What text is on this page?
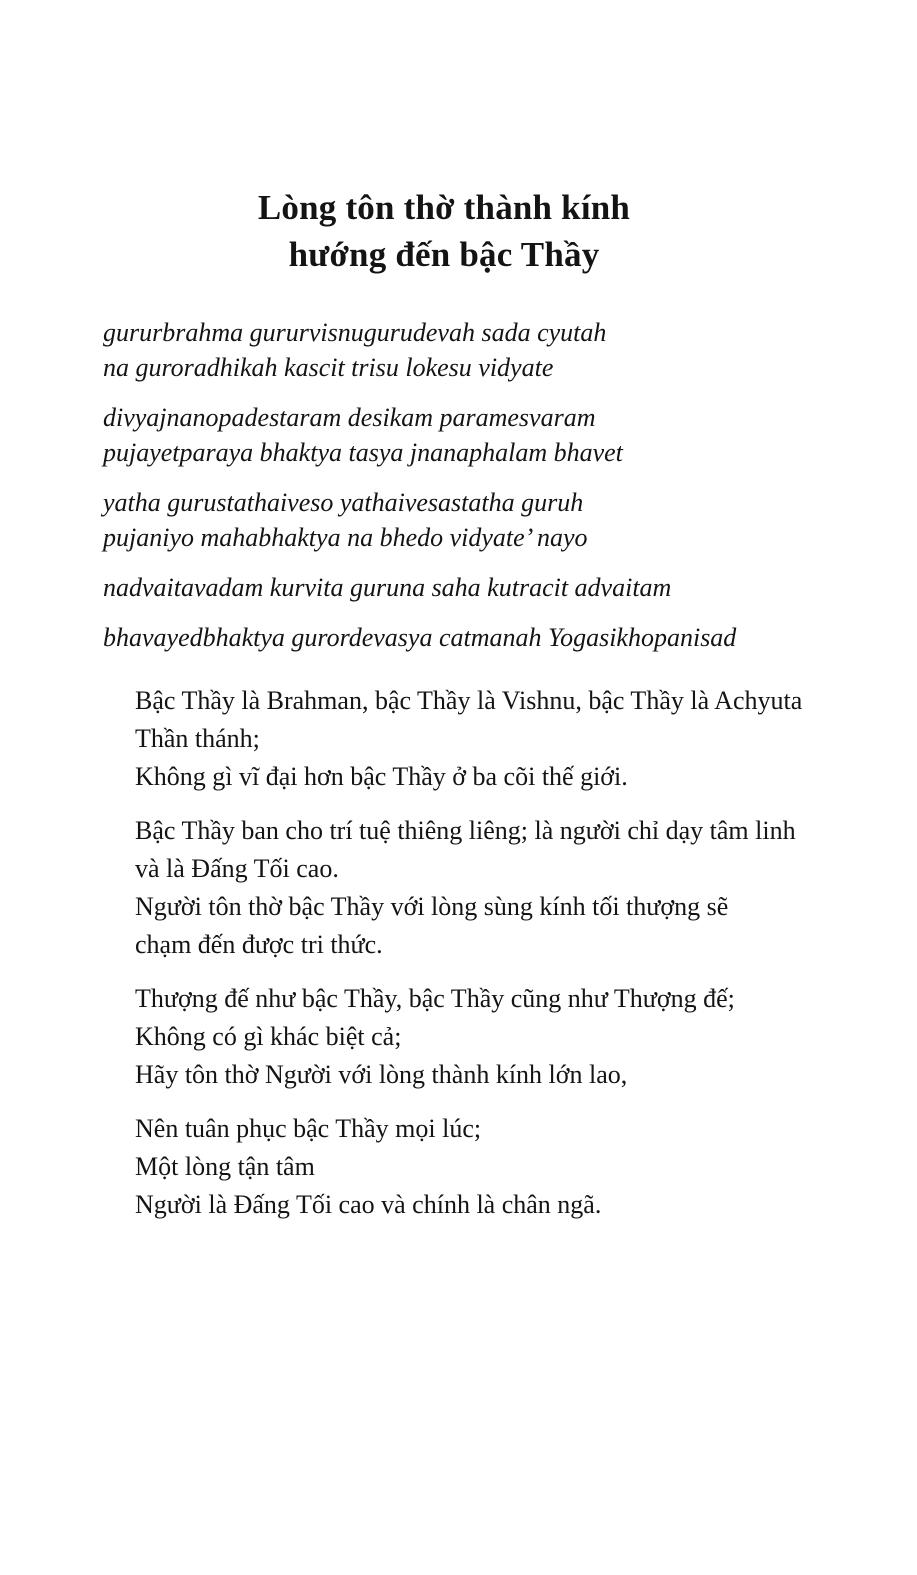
Lòng tôn thờ thành kính
hướng đến bậc Thầy

gururbrahma gururvisnugurudevah sada cyutah
na guroradhikah kascit trisu lokesu vidyate

divyajnanopadestaram desikam paramesvaram
pujayetparaya bhaktya tasya jnanaphalam bhavet

yatha gurustathaiveso yathaivesastatha guruh
pujaniyo mahabhaktya na bhedo vidyate’ nayo

nadvaitavadam kurvita guruna saha kutracit advaitam

bhavayedbhaktya gurordevasya catmanah Yogasikhopanisad

Bậc Thầy là Brahman, bậc Thầy là Vishnu, bậc Thầy là Achyuta
Thần thánh;
Không gì vĩ đại hơn bậc Thầy ở ba cõi thế giới.

Bậc Thầy ban cho trí tuệ thiêng liêng; là người chỉ dạy tâm linh
và là Đấng Tối cao.
Người tôn thờ bậc Thầy với lòng sùng kính tối thượng sẽ
chạm đến được tri thức.

Thượng đế như bậc Thầy, bậc Thầy cũng như Thượng đế;
Không có gì khác biệt cả;
Hãy tôn thờ Người với lòng thành kính lớn lao,

Nên tuân phục bậc Thầy mọi lúc;
Một lòng tận tâm
Người là Đấng Tối cao và chính là chân ngã.
